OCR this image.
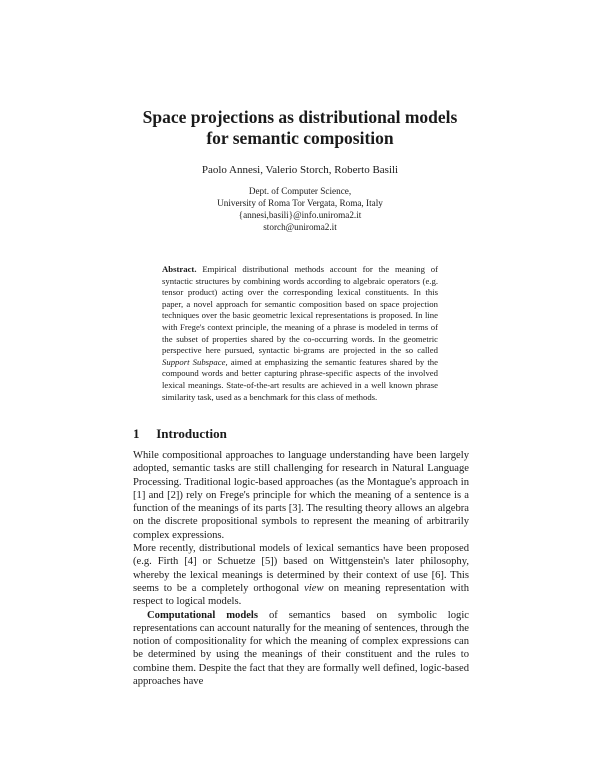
Space projections as distributional models
for semantic composition
Paolo Annesi, Valerio Storch, Roberto Basili
Dept. of Computer Science,
University of Roma Tor Vergata, Roma, Italy
{annesi,basili}@info.uniroma2.it
storch@uniroma2.it
Abstract. Empirical distributional methods account for the meaning of syntactic structures by combining words according to algebraic operators (e.g. tensor product) acting over the corresponding lexical constituents. In this paper, a novel approach for semantic composition based on space projection techniques over the basic geometric lexical representations is proposed. In line with Frege's context principle, the meaning of a phrase is modeled in terms of the subset of properties shared by the co-occurring words. In the geometric perspective here pursued, syntactic bi-grams are projected in the so called Support Subspace, aimed at emphasizing the semantic features shared by the compound words and better capturing phrase-specific aspects of the involved lexical meanings. State-of-the-art results are achieved in a well known phrase similarity task, used as a benchmark for this class of methods.
1 Introduction

While compositional approaches to language understanding have been largely adopted, semantic tasks are still challenging for research in Natural Language Processing. Traditional logic-based approaches (as the Montague's approach in [1] and [2]) rely on Frege's principle for which the meaning of a sentence is a function of the meanings of its parts [3]. The resulting theory allows an algebra on the discrete propositional symbols to represent the meaning of arbitrarily complex expressions.

More recently, distributional models of lexical semantics have been proposed (e.g. Firth [4] or Schuetze [5]) based on Wittgenstein's later philosophy, whereby the lexical meanings is determined by their context of use [6]. This seems to be a completely orthogonal view on meaning representation with respect to logical models.

Computational models of semantics based on symbolic logic representations can account naturally for the meaning of sentences, through the notion of compositionality for which the meaning of complex expressions can be determined by using the meanings of their constituent and the rules to combine them. Despite the fact that they are formally well defined, logic-based approaches have
